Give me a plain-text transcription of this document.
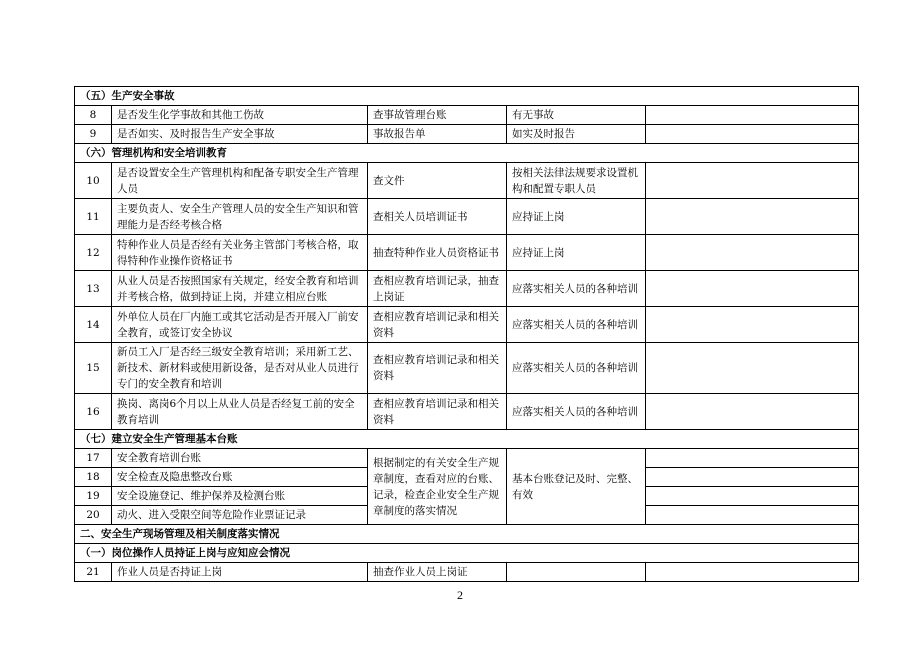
（五）生产安全事故				
8	是否发生化学事故和其他工伤故	查事故管理台账	有无事故	
9	是否如实、及时报告生产安全事故	事故报告单	如实及时报告	
（六）管理机构和安全培训教育				
10	是否设置安全生产管理机构和配备专职安全生产管理人员	查文件	按相关法律法规要求设置机构和配置专职人员	
11	主要负责人、安全生产管理人员的安全生产知识和管理能力是否经考核合格	查相关人员培训证书	应持证上岗	
12	特种作业人员是否经有关业务主管部门考核合格，取得特种作业操作资格证书	抽查特种作业人员资格证书	应持证上岗	
13	从业人员是否按照国家有关规定，经安全教育和培训并考核合格，做到持证上岗，并建立相应台账	查相应教育培训记录，抽查上岗证	应落实相关人员的各种培训	
14	外单位人员在厂内施工或其它活动是否开展入厂前安全教育，或签订安全协议	查相应教育培训记录和相关资料	应落实相关人员的各种培训	
15	新员工入厂是否经三级安全教育培训；采用新工艺、新技术、新材料或使用新设备，是否对从业人员进行专门的安全教育和培训	查相应教育培训记录和相关资料	应落实相关人员的各种培训	
16	换岗、离岗6个月以上从业人员是否经复工前的安全教育培训	查相应教育培训记录和相关资料	应落实相关人员的各种培训	
（七）建立安全生产管理基本台账				
17	安全教育培训台账	根据制定的有关安全生产规章制度，查看对应的台账、记录，检查企业安全生产规章制度的落实情况	基本台账登记及时、完整、有效	
18	安全检查及隐患整改台账			
19	安全设施登记、维护保养及检测台账			
20	动火、进入受限空间等危险作业票证记录			
二、安全生产现场管理及相关制度落实情况				
（一）岗位操作人员持证上岗与应知应会情况				
21	作业人员是否持证上岗	抽查作业人员上岗证		
2
